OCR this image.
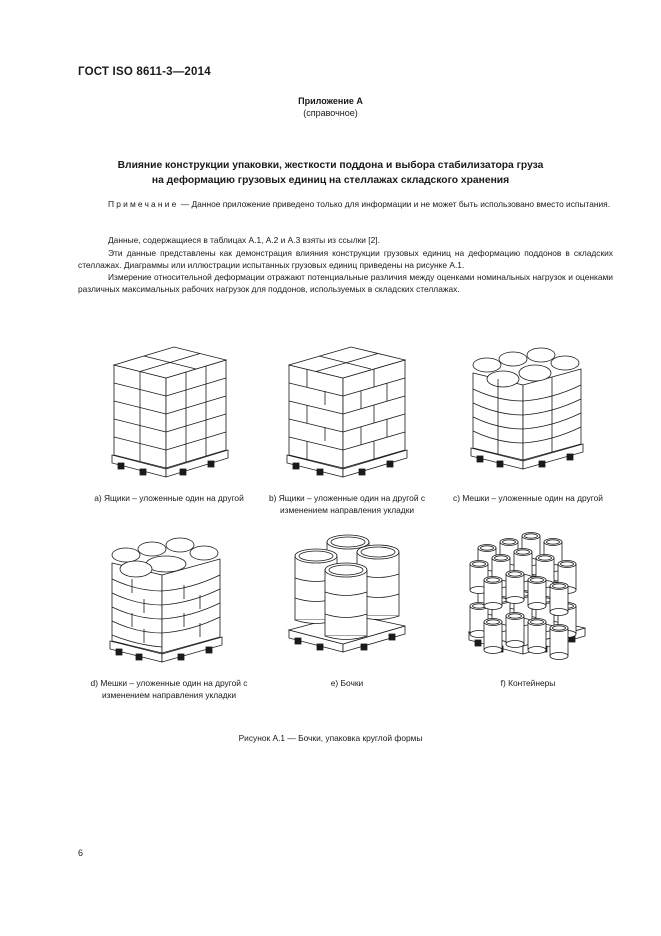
ГОСТ ISO 8611-3—2014
Приложение А
(справочное)
Влияние конструкции упаковки, жесткости поддона и выбора стабилизатора груза
на деформацию грузовых единиц на стеллажах складского хранения
Примечание — Данное приложение приведено только для информации и не может быть использовано вместо испытания.
Данные, содержащиеся в таблицах А.1, А.2 и А.3 взяты из ссылки [2].
Эти данные представлены как демонстрация влияния конструкции грузовых единиц на деформацию поддонов в складских стеллажах. Диаграммы или иллюстрации испытанных грузовых единиц приведены на рисунке А.1.
Измерение относительной деформации отражают потенциальные различия между оценками номинальных нагрузок и оценками различных максимальных рабочих нагрузок для поддонов, используемых в складских стеллажах.
а) Ящики – уложенные один на другой	b) Ящики – уложенные один на другой с изменением направления укладки
c) Мешки – уложенные один на другой
d) Мешки – уложенные один на другой с изменением направления укладки
e) Бочки	f) Контейнеры
Рисунок А.1 — Бочки, упаковка круглой формы
6
